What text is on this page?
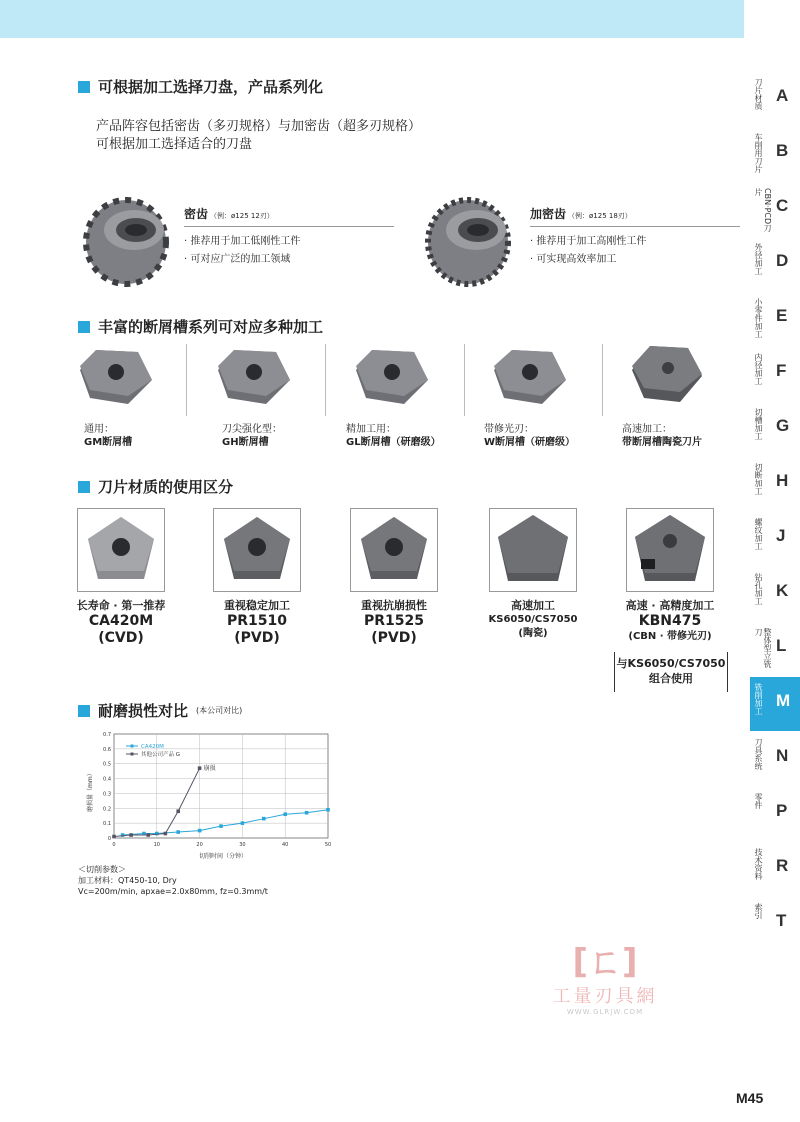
可根据加工选择刀盘，产品系列化
产品阵容包括密齿（多刃规格）与加密齿（超多刃规格）
可根据加工选择适合的刀盘
密齿 （例：ø125 12刃）
· 推荐用于加工低刚性工件
· 可对应广泛的加工领域
加密齿 （例：ø125 18刃）
· 推荐用于加工高刚性工件
· 可实现高效率加工
丰富的断屑槽系列可对应多种加工
通用：
GM断屑槽
刀尖强化型：
GH断屑槽
精加工用：
GL断屑槽（研磨级）
带修光刃：
W断屑槽（研磨级）
高速加工：
带断屑槽陶瓷刀片
刀片材质的使用区分
长寿命 · 第一推荐
CA420M
(CVD)
重视稳定加工
PR1510
(PVD)
重视抗崩损性
PR1525
(PVD)
高速加工
KS6050/CS7050
(陶瓷)
高速 · 高精度加工
KBN475
(CBN · 带修光刃)
与KS6050/CS7050
组合使用
耐磨损性对比 (本公司对比)
0
0.1
0.2
0.3
0.4
0.5
0.6
0.7
0	10	20	30	40	50
CA420M
其他公司产品 G
磨损量（mm）
切削时间（分钟）
崩损
＜切削参数＞
加工材料：QT450-10, Dry
Vc=200m/min, apxae=2.0x80mm, fz=0.3mm/t
[ㄈ]
工量刃具網
WWW.GLRJW.COM
刀片材质 A
车削用刀片 B
CBN·PCD刀片
C
外径加工 D
小零件加工 E
内径加工 F
切槽加工 G
切断加工 H
螺纹加工 J
钻孔加工 K
整体型立铣刀
L
铣削加工 M
刀具系统 N
零件 P
技术资料 R
索引 T
M45
